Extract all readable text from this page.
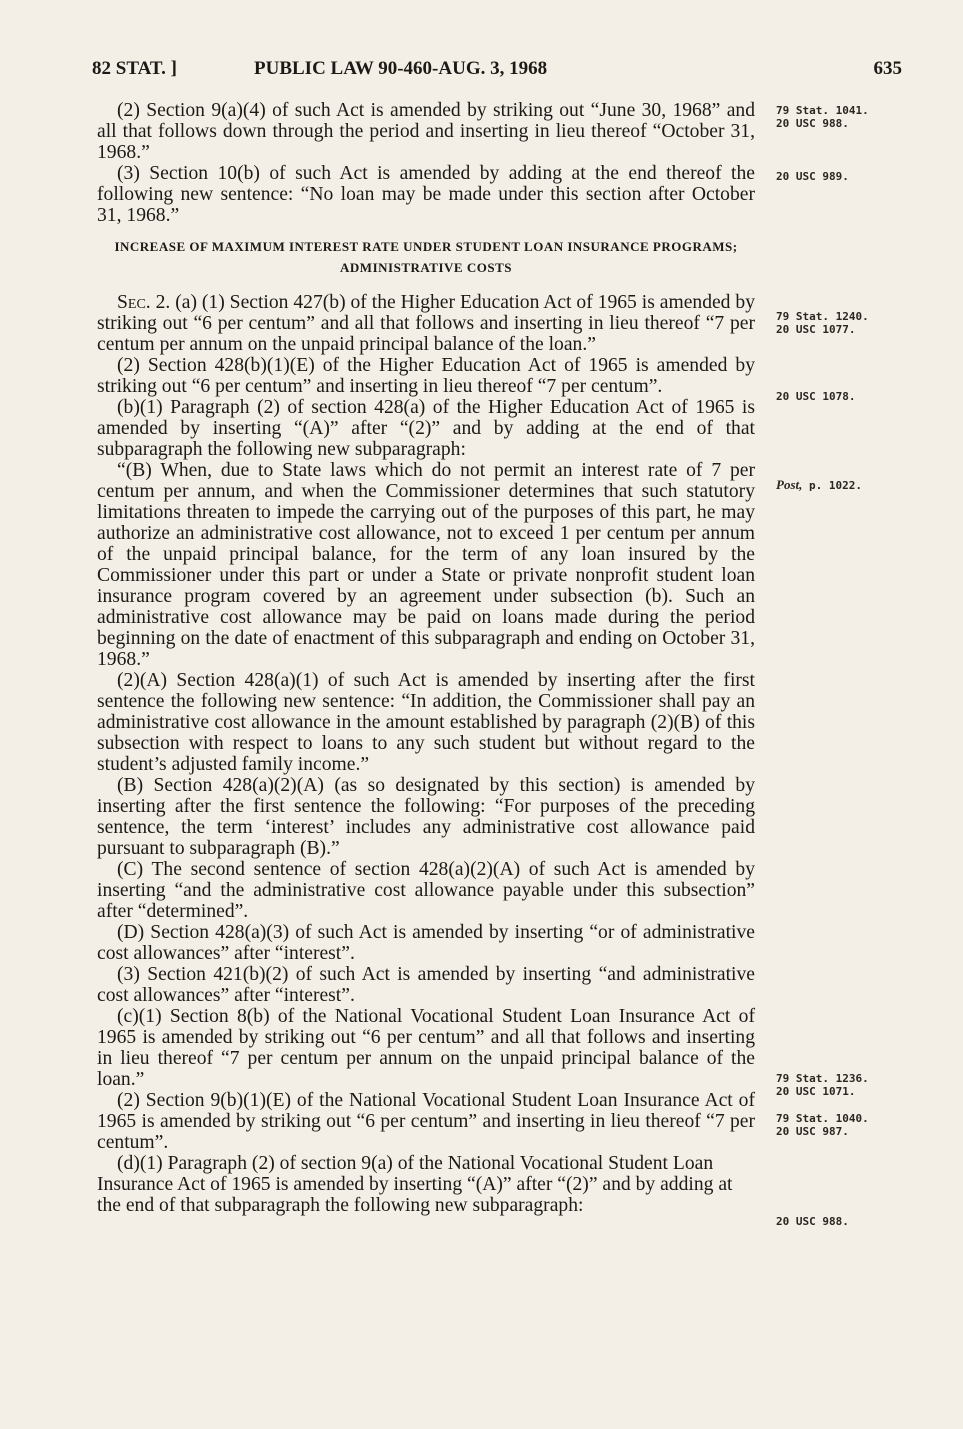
82 STAT. ]	PUBLIC LAW 90-460-AUG. 3, 1968	635

(2) Section 9(a)(4) of such Act is amended by striking out “June 30, 1968” and all that follows down through the period and inserting in lieu thereof “October 31, 1968.”

(3) Section 10(b) of such Act is amended by adding at the end thereof the following new sentence: “No loan may be made under this section after October 31, 1968.”

INCREASE OF MAXIMUM INTEREST RATE UNDER STUDENT LOAN INSURANCE PROGRAMS; ADMINISTRATIVE COSTS

Sec. 2. (a) (1) Section 427(b) of the Higher Education Act of 1965 is amended by striking out “6 per centum” and all that follows and inserting in lieu thereof “7 per centum per annum on the unpaid principal balance of the loan.”

(2) Section 428(b)(1)(E) of the Higher Education Act of 1965 is amended by striking out “6 per centum” and inserting in lieu thereof “7 per centum”.

(b)(1) Paragraph (2) of section 428(a) of the Higher Education Act of 1965 is amended by inserting “(A)” after “(2)” and by adding at the end of that subparagraph the following new subparagraph:

“(B) When, due to State laws which do not permit an interest rate of 7 per centum per annum, and when the Commissioner determines that such statutory limitations threaten to impede the carrying out of the purposes of this part, he may authorize an administrative cost allowance, not to exceed 1 per centum per annum of the unpaid principal balance, for the term of any loan insured by the Commissioner under this part or under a State or private nonprofit student loan insurance program covered by an agreement under subsection (b). Such an administrative cost allowance may be paid on loans made during the period beginning on the date of enactment of this subparagraph and ending on October 31, 1968.”

(2)(A) Section 428(a)(1) of such Act is amended by inserting after the first sentence the following new sentence: “In addition, the Commissioner shall pay an administrative cost allowance in the amount established by paragraph (2)(B) of this subsection with respect to loans to any such student but without regard to the student’s adjusted family income.”

(B) Section 428(a)(2)(A) (as so designated by this section) is amended by inserting after the first sentence the following: “For purposes of the preceding sentence, the term ‘interest’ includes any administrative cost allowance paid pursuant to subparagraph (B).”

(C) The second sentence of section 428(a)(2)(A) of such Act is amended by inserting “and the administrative cost allowance payable under this subsection” after “determined”.

(D) Section 428(a)(3) of such Act is amended by inserting “or of administrative cost allowances” after “interest”.

(3) Section 421(b)(2) of such Act is amended by inserting “and administrative cost allowances” after “interest”.

(c)(1) Section 8(b) of the National Vocational Student Loan Insurance Act of 1965 is amended by striking out “6 per centum” and all that follows and inserting in lieu thereof “7 per centum per annum on the unpaid principal balance of the loan.”

(2) Section 9(b)(1)(E) of the National Vocational Student Loan Insurance Act of 1965 is amended by striking out “6 per centum” and inserting in lieu thereof “7 per centum”.

(d)(1) Paragraph (2) of section 9(a) of the National Vocational Student Loan Insurance Act of 1965 is amended by inserting “(A)” after “(2)” and by adding at the end of that subparagraph the following new subparagraph:

79 Stat. 1041.
20 USC 988.
20 USC 989.
79 Stat. 1240.
20 USC 1077.
20 USC 1078.
Post, p. 1022.
79 Stat. 1236.
20 USC 1071.
79 Stat. 1040.
20 USC 987.
20 USC 988.
